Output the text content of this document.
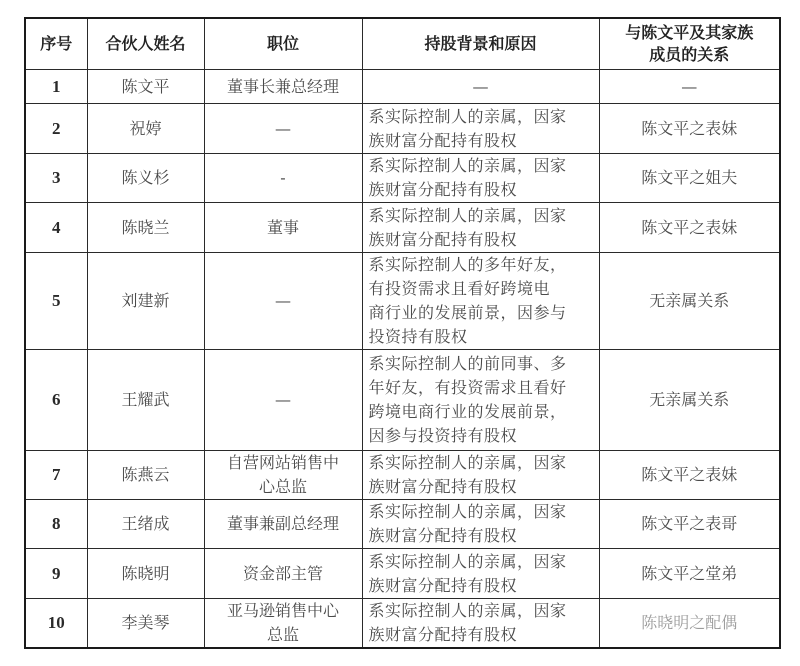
序号	合伙人姓名	职位	持股背景和原因	与陈文平及其家族
成员的关系

1	陈文平	董事长兼总经理	—	—
2	祝婷	—	系实际控制人的亲属，因家
族财富分配持有股权	陈文平之表妹
3	陈义杉	-	系实际控制人的亲属，因家
族财富分配持有股权	陈文平之姐夫
4	陈晓兰	董事	系实际控制人的亲属，因家
族财富分配持有股权	陈文平之表妹
5	刘建新	—	系实际控制人的多年好友，
有投资需求且看好跨境电
商行业的发展前景，因参与
投资持有股权	无亲属关系
6	王耀武	—	系实际控制人的前同事、多
年好友，有投资需求且看好
跨境电商行业的发展前景，
因参与投资持有股权	无亲属关系
7	陈燕云	自营网站销售中
心总监	系实际控制人的亲属，因家
族财富分配持有股权	陈文平之表妹
8	王绪成	董事兼副总经理	系实际控制人的亲属，因家
族财富分配持有股权	陈文平之表哥
9	陈晓明	资金部主管	系实际控制人的亲属，因家
族财富分配持有股权	陈文平之堂弟
10	李美琴	亚马逊销售中心
总监	系实际控制人的亲属，因家
族财富分配持有股权	陈晓明之配偶
